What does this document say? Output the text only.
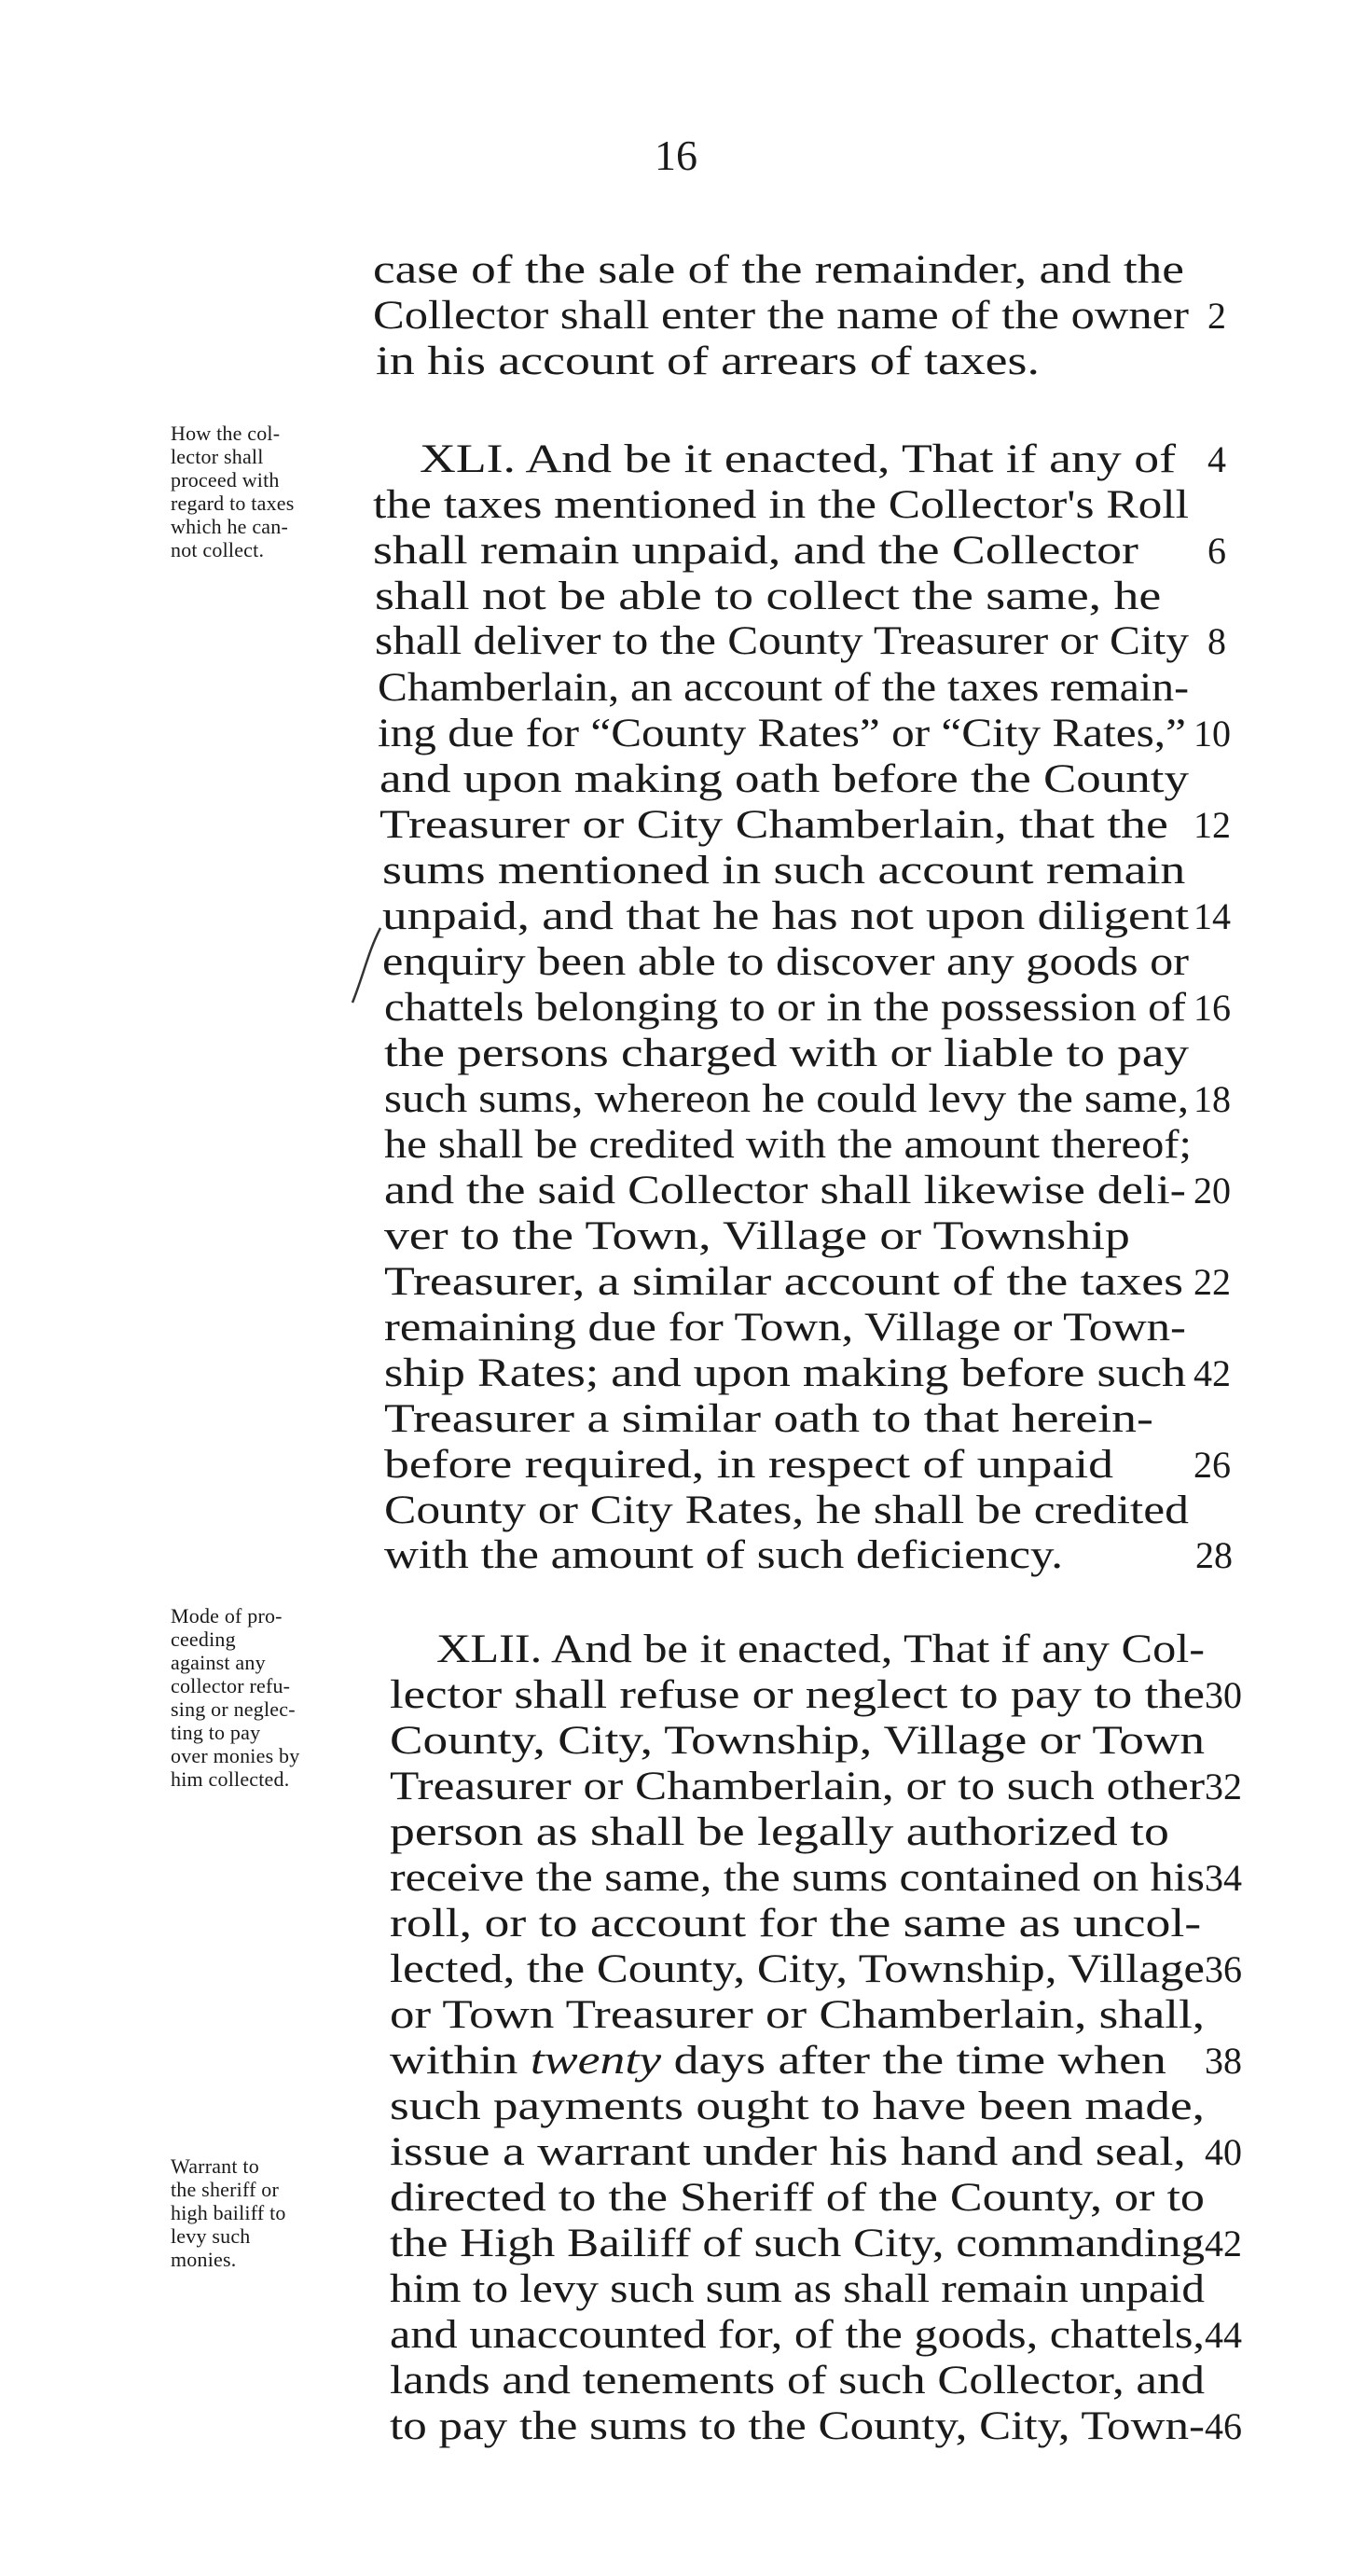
16
case of the sale of the remainder, and the
Collector shall enter the name of the owner
in his account of arrears of taxes.
XLI. And be it enacted, That if any of
the taxes mentioned in the Collector's Roll
shall remain unpaid, and the Collector
shall not be able to collect the same, he
shall deliver to the County Treasurer or City
Chamberlain, an account of the taxes remain-
ing due for “County Rates” or “City Rates,”
and upon making oath before the County
Treasurer or City Chamberlain, that the
sums mentioned in such account remain
unpaid, and that he has not upon diligent
enquiry been able to discover any goods or
chattels belonging to or in the possession of
the persons charged with or liable to pay
such sums, whereon he could levy the same,
he shall be credited with the amount thereof;
and the said Collector shall likewise deli-
ver to the Town, Village or Township
Treasurer, a similar account of the taxes
remaining due for Town, Village or Town-
ship Rates; and upon making before such
Treasurer a similar oath to that herein-
before required, in respect of unpaid
County or City Rates, he shall be credited
with the amount of such deficiency.
XLII. And be it enacted, That if any Col-
lector shall refuse or neglect to pay to the
County, City, Township, Village or Town
Treasurer or Chamberlain, or to such other
person as shall be legally authorized to
receive the same, the sums contained on his
roll, or to account for the same as uncol-
lected, the County, City, Township, Village
or Town Treasurer or Chamberlain, shall,
within twenty days after the time when
such payments ought to have been made,
issue a warrant under his hand and seal,
directed to the Sheriff of the County, or to
the High Bailiff of such City, commanding
him to levy such sum as shall remain unpaid
and unaccounted for, of the goods, chattels,
lands and tenements of such Collector, and
to pay the sums to the County, City, Town-
2
4
6
8
10
12
14
16
18
20
22
42
26
28
30
32
34
36
38
40
42
44
46
How the col-
lector shall
proceed with
regard to taxes
which he can-
not collect.
Mode of pro-
ceeding
against any
collector refu-
sing or neglec-
ting to pay
over monies by
him collected.
Warrant to
the sheriff or
high bailiff to
levy such
monies.
